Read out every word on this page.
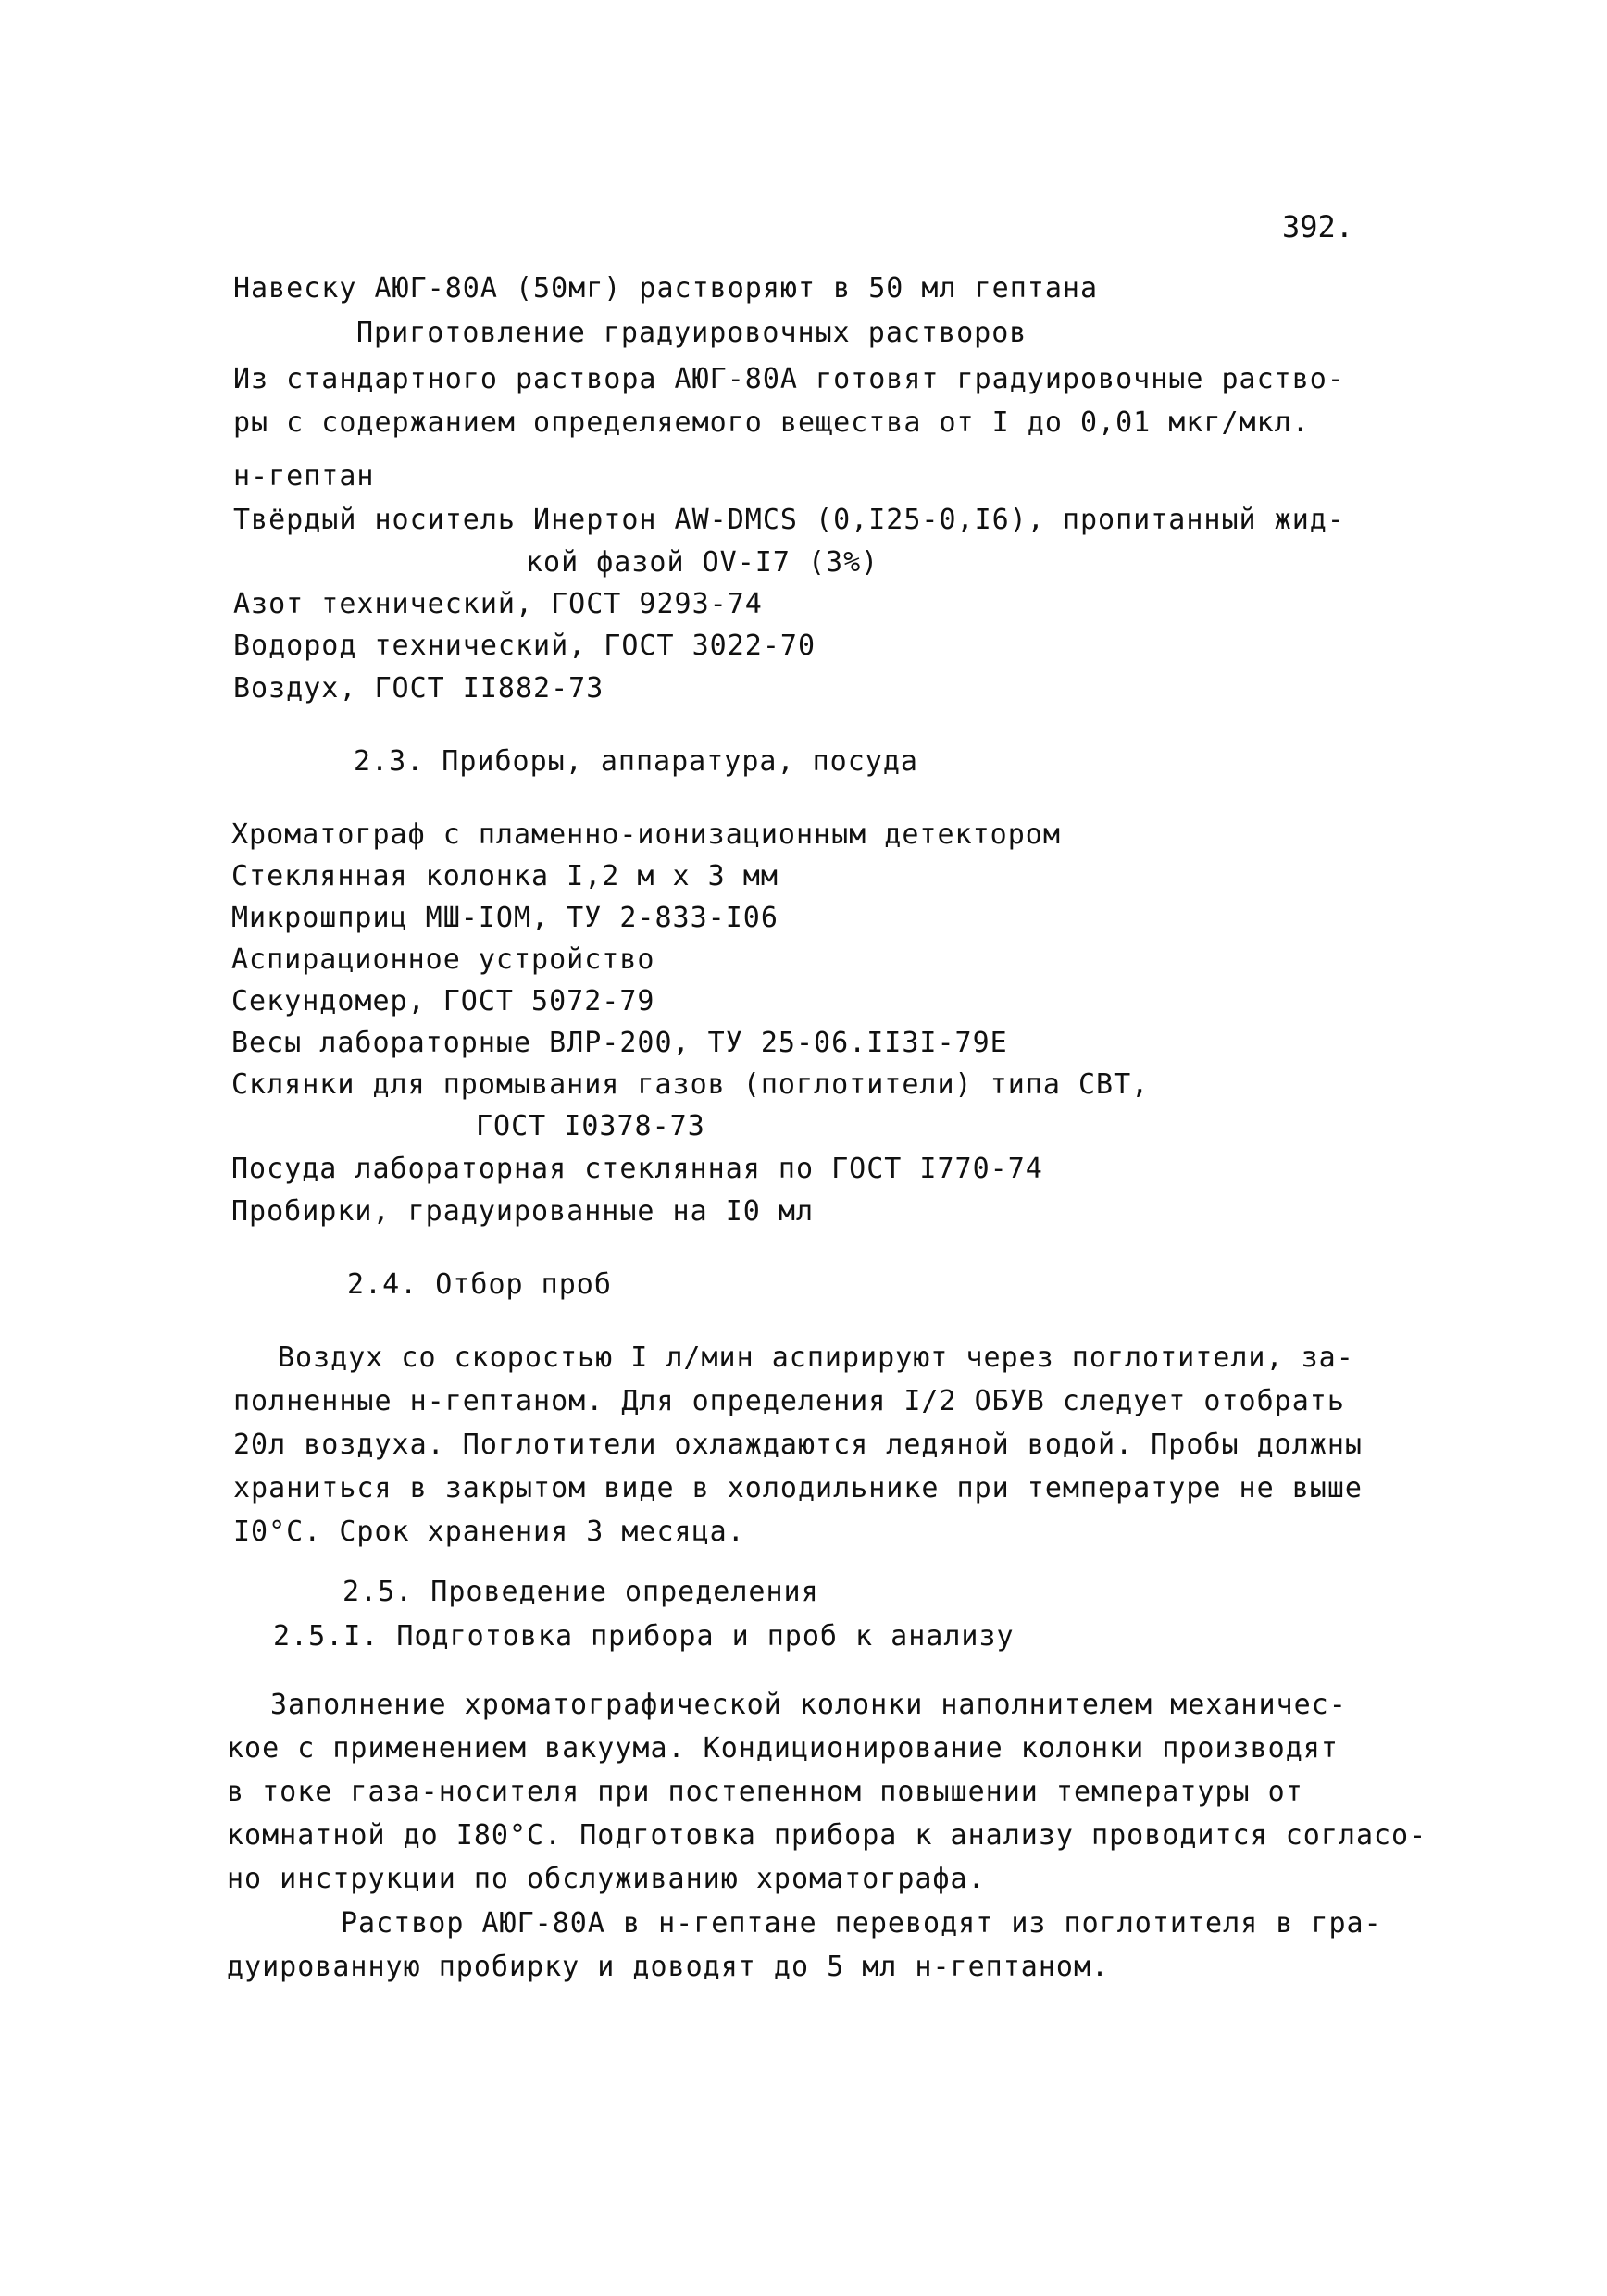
392.
Навеску АЮГ-80А (50мг) растворяют в 50 мл гептана
Приготовление градуировочных растворов
Из стандартного раствора АЮГ-80А готовят градуировочные раство-
ры с содержанием определяемого вещества от I до 0,01 мкг/мкл.
н-гептан
Твёрдый носитель Инертон AW-DMCS (0,I25-0,I6), пропитанный жид-
кой фазой OV-I7 (3%)
Азот технический, ГОСТ 9293-74
Водород технический, ГОСТ 3022-70
Воздух, ГОСТ II882-73
2.3. Приборы, аппаратура, посуда
Хроматограф с пламенно-ионизационным детектором
Стеклянная колонка I,2 м x 3 мм
Микрошприц МШ-IOМ, ТУ 2-833-I06
Аспирационное устройство
Секундомер, ГОСТ 5072-79
Весы лабораторные ВЛР-200, ТУ 25-06.II3I-79Е
Склянки для промывания газов (поглотители) типа СВТ,
ГОСТ I0378-73
Посуда лабораторная стеклянная по ГОСТ I770-74
Пробирки, градуированные на I0 мл
2.4. Отбор проб
Воздух со скоростью I л/мин аспирируют через поглотители, за-
полненные н-гептаном. Для определения I/2 ОБУВ следует отобрать
20л воздуха. Поглотители охлаждаются ледяной водой. Пробы должны
храниться в закрытом виде в холодильнике при температуре не выше
I0°С. Срок хранения 3 месяца.
2.5. Проведение определения
2.5.I. Подготовка прибора и проб к анализу
Заполнение хроматографической колонки наполнителем механичес-
кое с применением вакуума. Кондиционирование колонки производят
в токе газа-носителя при постепенном повышении температуры от
комнатной до I80°С. Подготовка прибора к анализу проводится согласо-
но инструкции по обслуживанию хроматографа.
Раствор АЮГ-80А в н-гептане переводят из поглотителя в гра-
дуированную пробирку и доводят до 5 мл н-гептаном.
